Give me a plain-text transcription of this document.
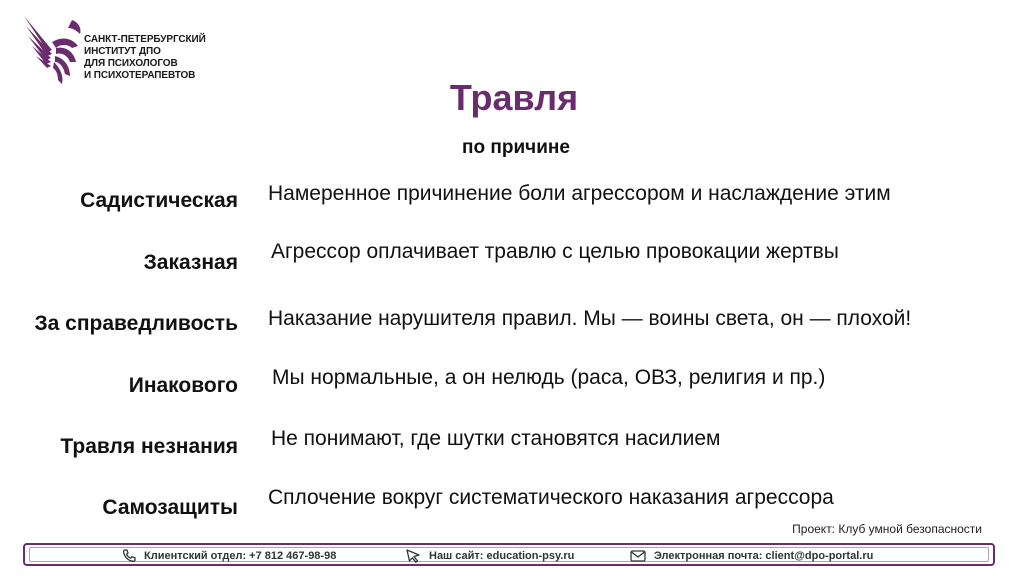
САНКТ-ПЕТЕРБУРГСКИЙ
ИНСТИТУТ ДПО
ДЛЯ ПСИХОЛОГОВ
И ПСИХОТЕРАПЕВТОВ
Травля
по причине
Садистическая Намеренное причинение боли агрессором и наслаждение этим
Заказная Агрессор оплачивает травлю с целью провокации жертвы
За справедливость Наказание нарушителя правил. Мы — воины света, он — плохой!
Инакового Мы нормальные, а он нелюдь (раса, ОВЗ, религия и пр.)
Травля незнания Не понимают, где шутки становятся насилием
Самозащиты Сплочение вокруг систематического наказания агрессора
Проект: Клуб умной безопасности
Клиентский отдел: +7 812 467-98-98	Наш сайт: education-psy.ru	Электронная почта: client@dpo-portal.ru
